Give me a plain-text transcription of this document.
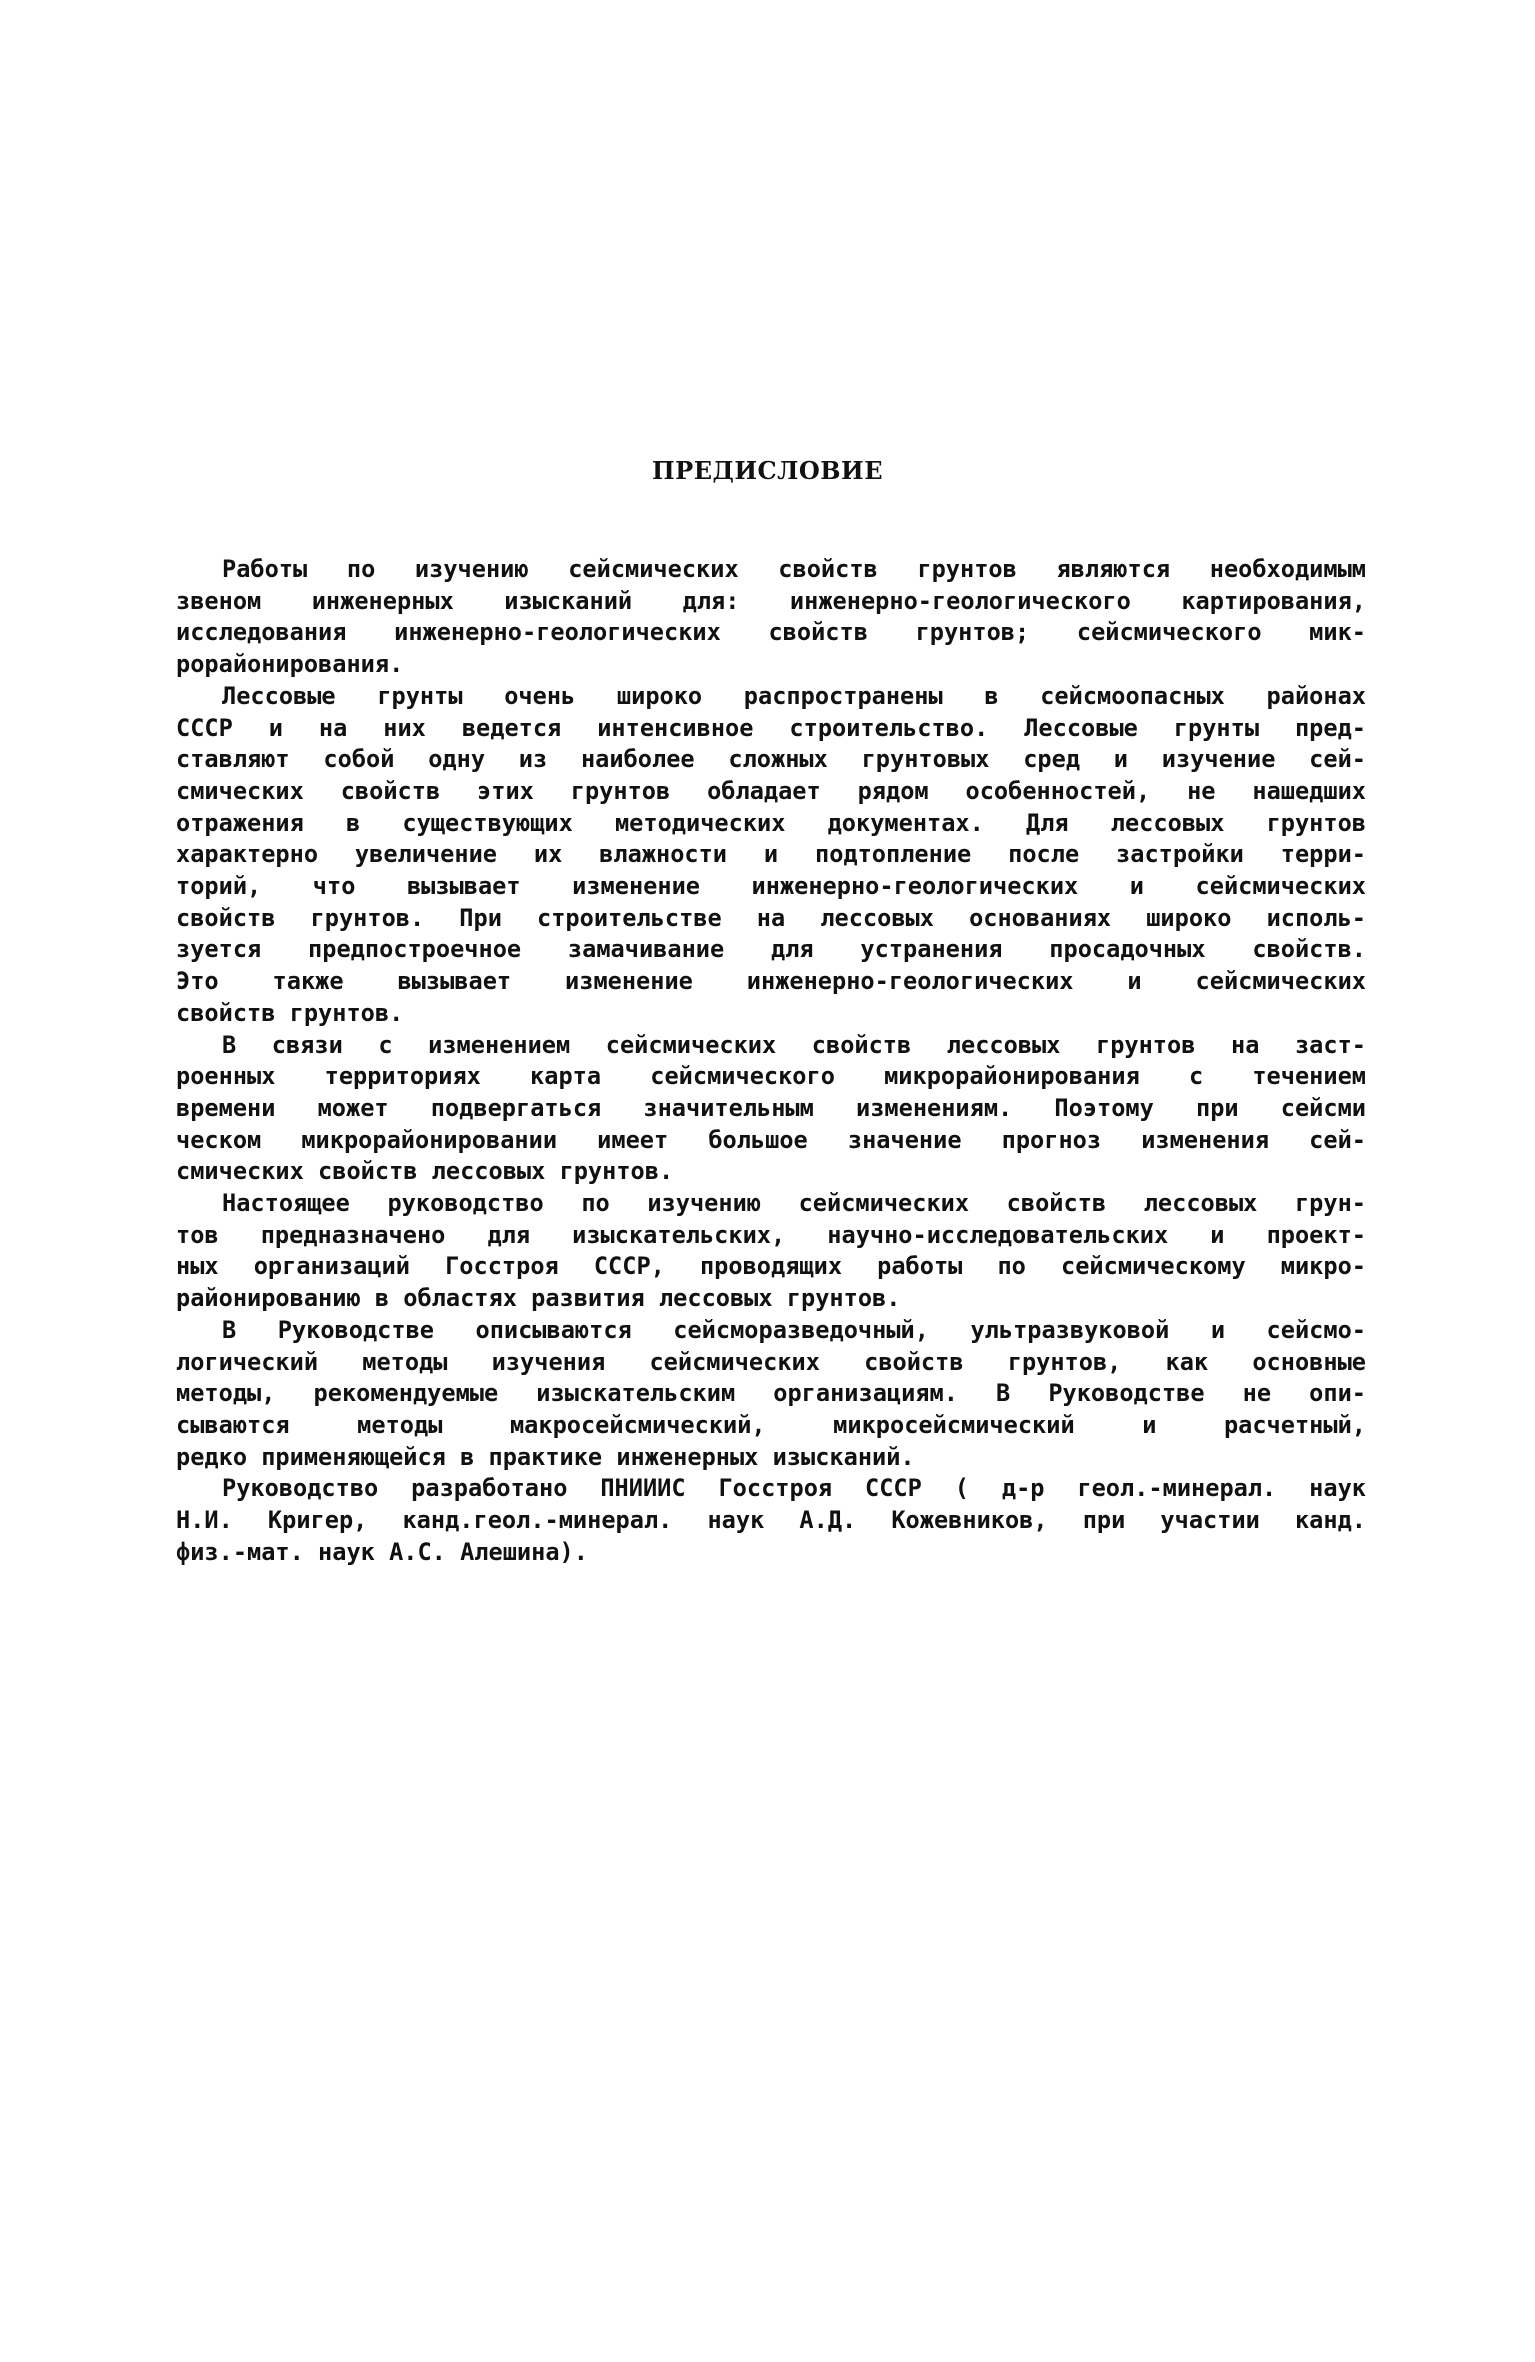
ПРЕДИСЛОВИЕ
Работы по изучению сейсмических свойств грунтов являются необходимым
звеном инженерных изысканий для: инженерно-геологического картирования,
исследования инженерно-геологических свойств грунтов; сейсмического мик-
рорайонирования.
Лессовые грунты очень широко распространены в сейсмоопасных районах
СССР и на них ведется интенсивное строительство. Лессовые грунты пред-
ставляют собой одну из наиболее сложных грунтовых сред и изучение сей-
смических свойств этих грунтов обладает рядом особенностей, не нашедших
отражения в существующих методических документах. Для лессовых грунтов
характерно увеличение их влажности и подтопление после застройки терри-
торий, что вызывает изменение инженерно-геологических и сейсмических
свойств грунтов. При строительстве на лессовых основаниях широко исполь-
зуется предпостроечное замачивание для устранения просадочных свойств.
Это также вызывает изменение инженерно-геологических и сейсмических
свойств грунтов.
В связи с изменением сейсмических свойств лессовых грунтов на заст-
роенных территориях карта сейсмического микрорайонирования с течением
времени может подвергаться значительным изменениям. Поэтому при сейсми
ческом микрорайонировании имеет большое значение прогноз изменения сей-
смических свойств лессовых грунтов.
Настоящее руководство по изучению сейсмических свойств лессовых грун-
тов предназначено для изыскательских, научно-исследовательских и проект-
ных организаций Госстроя СССР, проводящих работы по сейсмическому микро-
районированию в областях развития лессовых грунтов.
В Руководстве описываются сейсморазведочный, ультразвуковой и сейсмо-
логический методы изучения сейсмических свойств грунтов, как основные
методы, рекомендуемые изыскательским организациям. В Руководстве не опи-
сываются методы макросейсмический, микросейсмический и расчетный,
редко применяющейся в практике инженерных изысканий.
Руководство разработано ПНИИИС Госстроя СССР ( д-р геол.-минерал. наук
Н.И. Кригер, канд.геол.-минерал. наук А.Д. Кожевников, при участии канд.
физ.-мат. наук А.С. Алешина).
